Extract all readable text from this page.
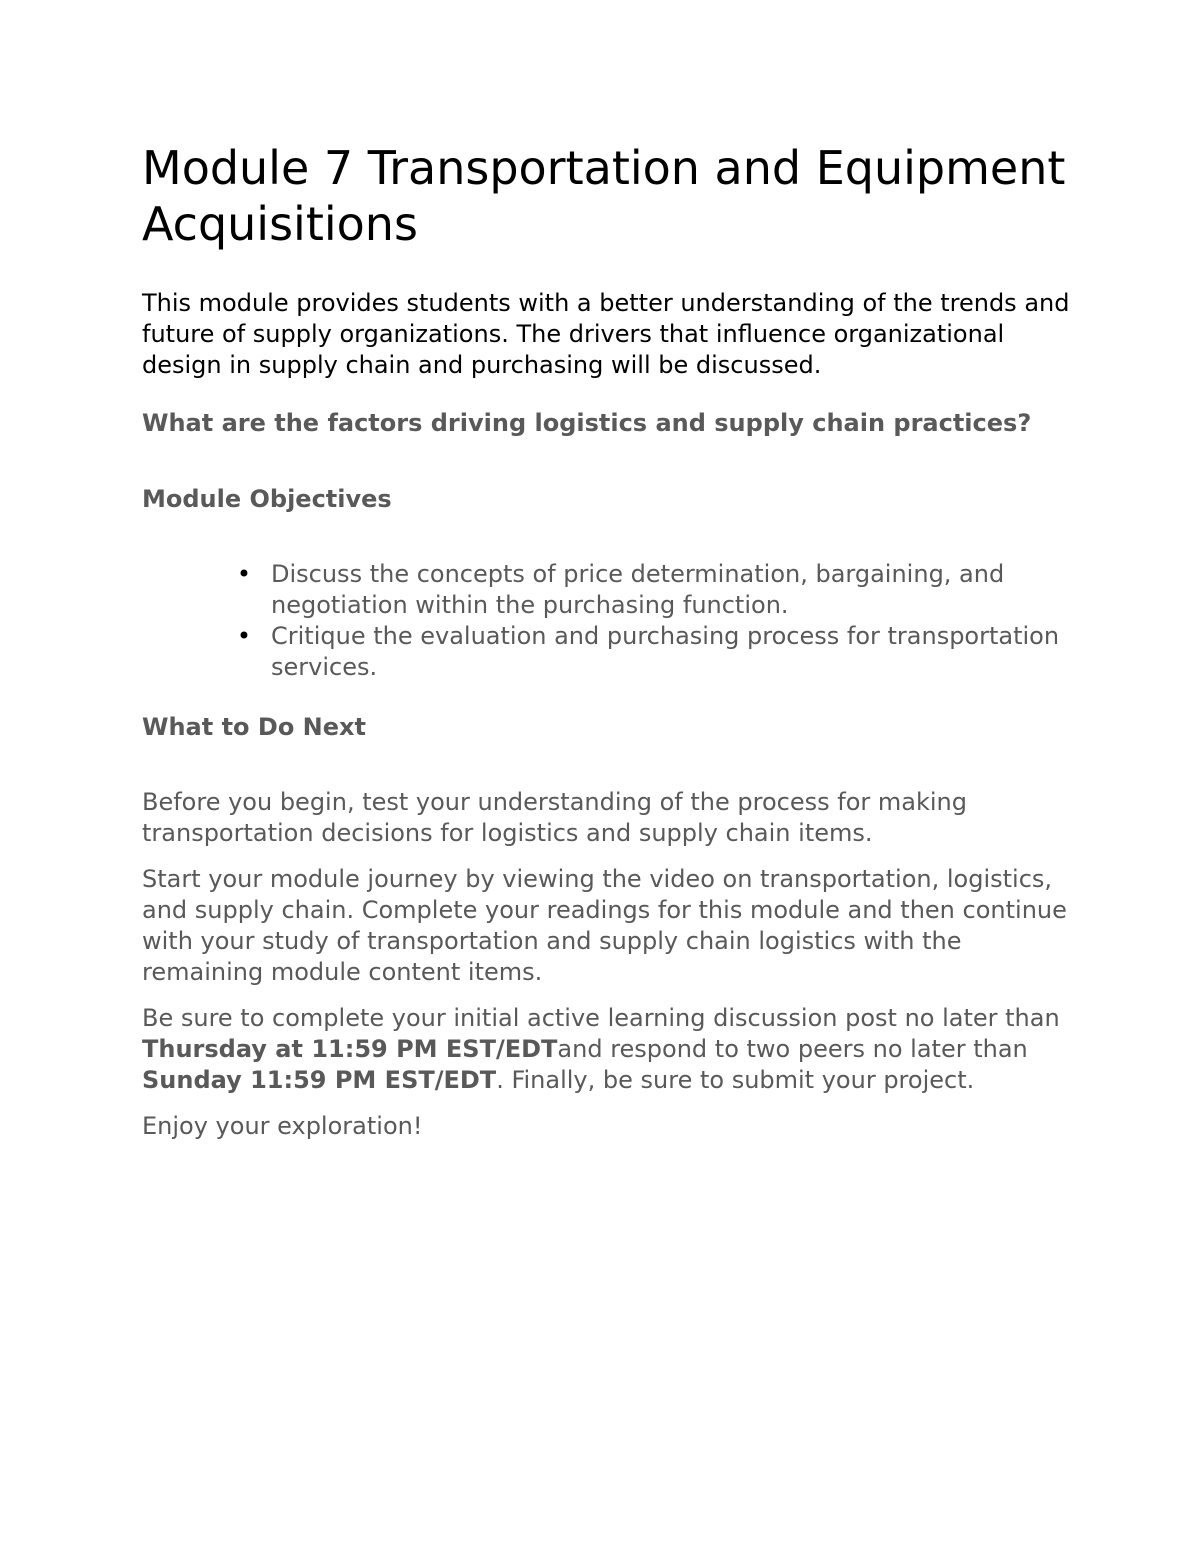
Module 7 Transportation and Equipment Acquisitions

This module provides students with a better understanding of the trends and future of supply organizations. The drivers that influence organizational design in supply chain and purchasing will be discussed.

What are the factors driving logistics and supply chain practices?
Module Objectives
• Discuss the concepts of price determination, bargaining, and negotiation within the purchasing function.
• Critique the evaluation and purchasing process for transportation services.
What to Do Next

Before you begin, test your understanding of the process for making transportation decisions for logistics and supply chain items.

Start your module journey by viewing the video on transportation, logistics, and supply chain. Complete your readings for this module and then continue with your study of transportation and supply chain logistics with the remaining module content items.

Be sure to complete your initial active learning discussion post no later than Thursday at 11:59 PM EST/EDTand respond to two peers no later than Sunday 11:59 PM EST/EDT. Finally, be sure to submit your project.

Enjoy your exploration!
